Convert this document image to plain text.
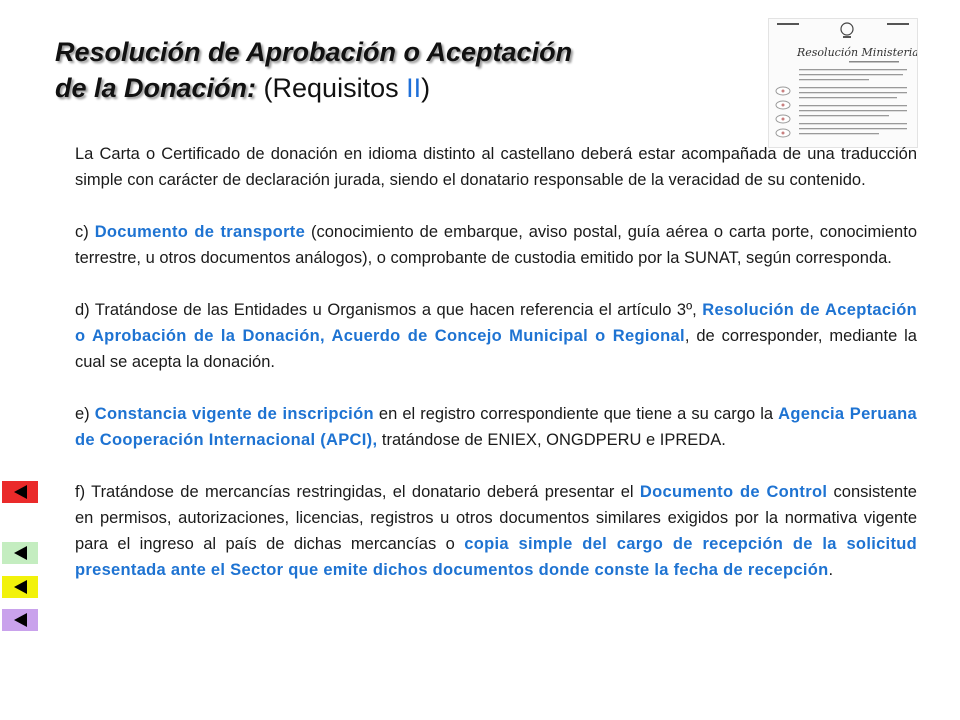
Resolución de Aprobación o Aceptación
de la Donación: (Requisitos II)
Resolución Ministerial

La Carta o Certificado de donación en idioma distinto al castellano deberá estar acompañada de una traducción simple con carácter de declaración jurada, siendo el donatario responsable de la veracidad de su contenido.

c) Documento de transporte (conocimiento de embarque, aviso postal, guía aérea o carta porte, conocimiento terrestre, u otros documentos análogos), o comprobante de custodia emitido por la SUNAT, según corresponda.

d) Tratándose de las Entidades u Organismos a que hacen referencia el artículo 3º, Resolución de Aceptación o Aprobación de la Donación, Acuerdo de Concejo Municipal o Regional, de corresponder, mediante la cual se acepta la donación.

e) Constancia vigente de inscripción en el registro correspondiente que tiene a su cargo la Agencia Peruana de Cooperación Internacional (APCI), tratándose de ENIEX, ONGDPERU e IPREDA.

f) Tratándose de mercancías restringidas, el donatario deberá presentar el Documento de Control consistente en permisos, autorizaciones, licencias, registros u otros documentos similares exigidos por la normativa vigente para el ingreso al país de dichas mercancías o copia simple del cargo de recepción de la solicitud presentada ante el Sector que emite dichos documentos donde conste la fecha de recepción.
